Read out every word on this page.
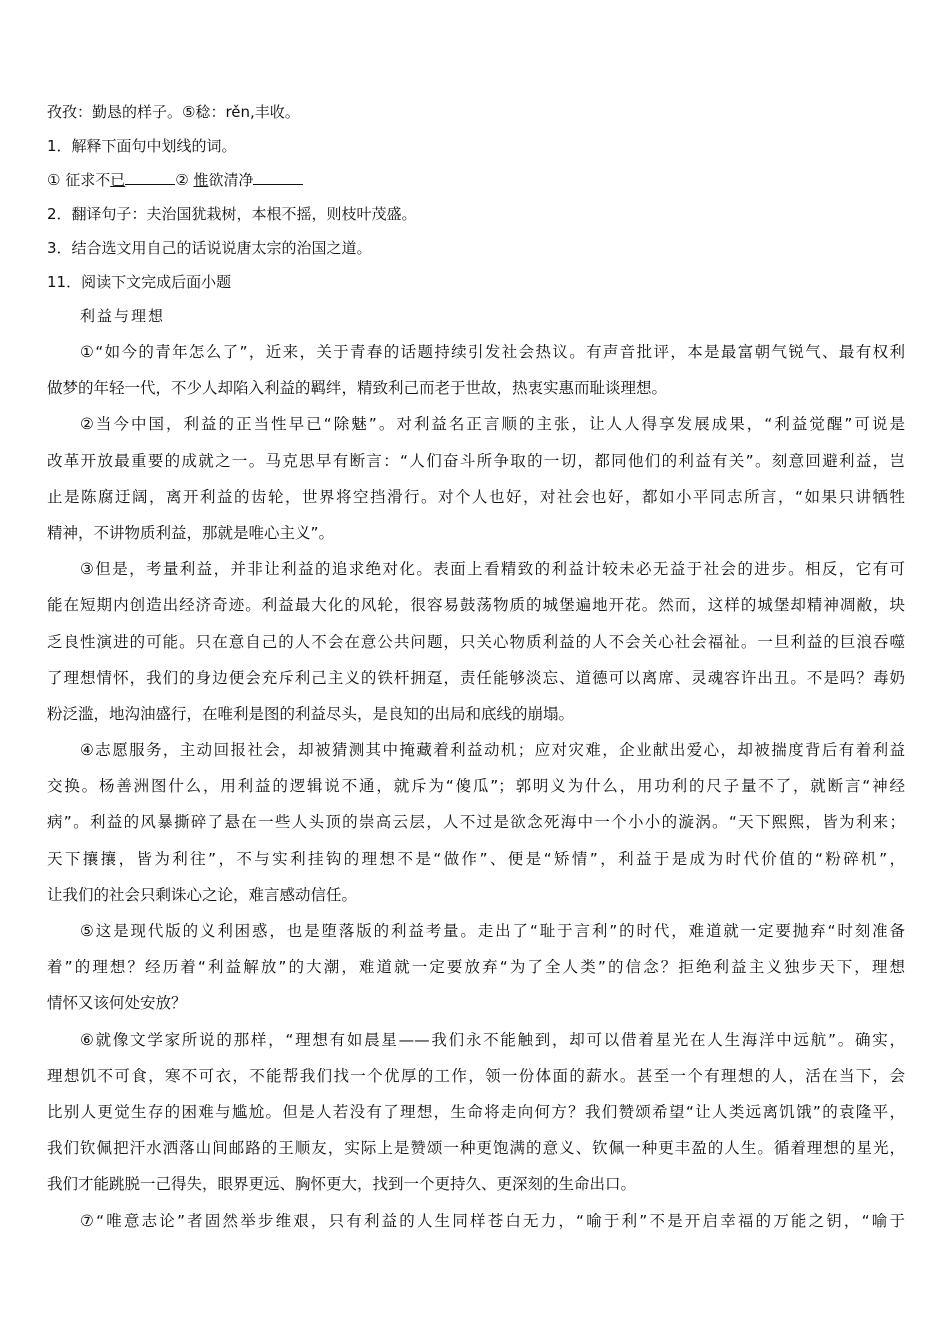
孜孜：勤恳的样子。⑤稔：rěn,丰收。
1．解释下面句中划线的词。
① 征求不已	② 惟欲清净
2．翻译句子：夫治国犹栽树，本根不摇，则枝叶茂盛。
3．结合选文用自己的话说说唐太宗的治国之道。
11．阅读下文完成后面小题
利益与理想
①“如今的青年怎么了”，近来，关于青春的话题持续引发社会热议。有声音批评，本是最富朝气锐气、最有权利
做梦的年轻一代，不少人却陷入利益的羁绊，精致利己而老于世故，热衷实惠而耻谈理想。
②当今中国，利益的正当性早已“除魅”。对利益名正言顺的主张，让人人得享发展成果，“利益觉醒”可说是
改革开放最重要的成就之一。马克思早有断言：“人们奋斗所争取的一切，都同他们的利益有关”。刻意回避利益，岂
止是陈腐迂阔，离开利益的齿轮，世界将空挡滑行。对个人也好，对社会也好，都如小平同志所言，“如果只讲牺牲
精神，不讲物质利益，那就是唯心主义”。
③但是，考量利益，并非让利益的追求绝对化。表面上看精致的利益计较未必无益于社会的进步。相反，它有可
能在短期内创造出经济奇迹。利益最大化的风轮，很容易鼓荡物质的城堡遍地开花。然而，这样的城堡却精神凋敝，块
乏良性演进的可能。只在意自己的人不会在意公共问题，只关心物质利益的人不会关心社会福祉。一旦利益的巨浪吞噬
了理想情怀，我们的身边便会充斥利己主义的铁杆拥趸，责任能够淡忘、道德可以离席、灵魂容许出丑。不是吗？毒奶
粉泛滥，地沟油盛行，在唯利是图的利益尽头，是良知的出局和底线的崩塌。
④志愿服务，主动回报社会，却被猜测其中掩藏着利益动机；应对灾难，企业献出爱心，却被揣度背后有着利益
交换。杨善洲图什么，用利益的逻辑说不通，就斥为“傻瓜”；郭明义为什么，用功利的尺子量不了，就断言“神经
病”。利益的风暴撕碎了悬在一些人头顶的崇高云层，人不过是欲念死海中一个小小的漩涡。“天下熙熙，皆为利来；
天下攘攘，皆为利往”，不与实利挂钩的理想不是“做作”、便是“矫情”，利益于是成为时代价值的“粉碎机”，
让我们的社会只剩诛心之论，难言感动信任。
⑤这是现代版的义利困惑，也是堕落版的利益考量。走出了“耻于言利”的时代，难道就一定要抛弃“时刻准备
着”的理想？经历着“利益解放”的大潮，难道就一定要放弃“为了全人类”的信念？拒绝利益主义独步天下，理想
情怀又该何处安放？
⑥就像文学家所说的那样，“理想有如晨星——我们永不能触到，却可以借着星光在人生海洋中远航”。确实，
理想饥不可食，寒不可衣，不能帮我们找一个优厚的工作，领一份体面的薪水。甚至一个有理想的人，活在当下，会
比别人更觉生存的困难与尴尬。但是人若没有了理想，生命将走向何方？我们赞颂希望“让人类远离饥饿”的袁隆平，
我们钦佩把汗水洒落山间邮路的王顺友，实际上是赞颂一种更饱满的意义、钦佩一种更丰盈的人生。循着理想的星光，
我们才能跳脱一己得失，眼界更远、胸怀更大，找到一个更持久、更深刻的生命出口。
⑦“唯意志论”者固然举步维艰，只有利益的人生同样苍白无力，“喻于利”不是开启幸福的万能之钥，“喻于
